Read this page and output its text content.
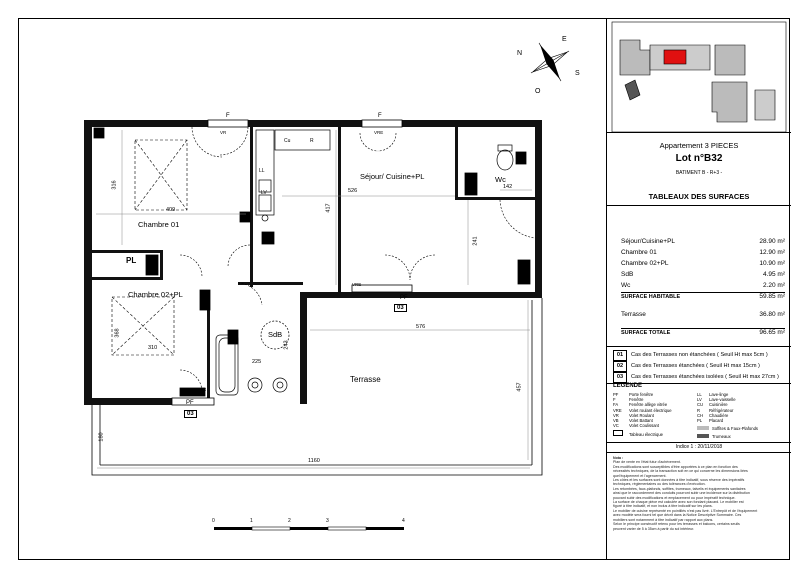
Séjour/ Cuisine+PL
Chambre 01
Chambre 02+PL
SdB
Wc
Terrasse
PL
PL
F	F
PF
PF
VR	VRE
VRE
VR
Cu	R
LL
LV
03
03
316
409
526
417
142
241
310
368
225
243
576
457
180
1160
0	1	2	3	4
N
E
S
O
Appartement 3 PIECES
Lot n°B32
BATIMENT B - R+3 -
TABLEAUX DES SURFACES
Séjour/Cuisine+PL	28.90 m²
Chambre 01	12.90 m²
Chambre 02+PL	10.90 m²
SdB	4.95 m²
Wc	2.20 m²
SURFACE HABITABLE	59.85 m²
Terrasse	36.80 m²
SURFACE TOTALE	96.65 m²
01 Cas des Terrasses non étanchées ( Seuil Ht max 5cm )
02 Cas des Terrasses étanchées ( Seuil Ht max 15cm )
03 Cas des Terrasses étanchées isolées ( Seuil Ht max 27cm )
LEGENDE
PF	Porte fenêtre
F	Fenêtre
FA	Fenêtre allège vitrée
VRE Volet roulant électrique
VR Volet Roulant
VB Volet Battant
VC Volet Coulissant
LL Lave-linge
LV Lave-vaisselle
CU Cuisinière
R Réfrigérateur
CH Chaudière
PL Placard
Tableau électrique
Soffites & Faux-Plafonds
Trumeaux
Indice 1 : 20/11/2018
Nota :
Plan de vente en l'état futur d'achèvement.
Des modifications sont susceptibles d'être apportées à ce plan en fonction des
nécessités techniques, de la transaction soit en ce qui concerne les dimensions liées
quel'équipement et l'agencement.
Les côtes et les surfaces sont données à titre indicatif, sous réserve des impératifs
techniques, réglementaires ou des tolérances d'exécution.
Les retombées, faux-plafonds, soffites, trumeaux, talvelis et équipements sanitaires
ainsi que le raccordement des conduits pourront subir une incidence sur la distribution
pouvant subir des modifications et emplacement ou pour impératif technique.
La surface de chaque pièce est calculée avec son fondant placard. Le mobilier est
figuré à titre indicatif, et non inclus à titre indicatif sur les plans.
Le mobilier de cuisine représenté en pointillés n'est pas livré. L'Entrepôt et de l'équipement
avec modèle sera fourni tel que décrit dans la Notice Descriptive Sommaire. Ces
mobiliers sont notamment à titre indicatif par rapport aux plans.
Selon le principe constructif retenu pour les terrasses et balcons, certains seuils
peuvent varier de 5 à 35cm à partir du sol intérieur.
